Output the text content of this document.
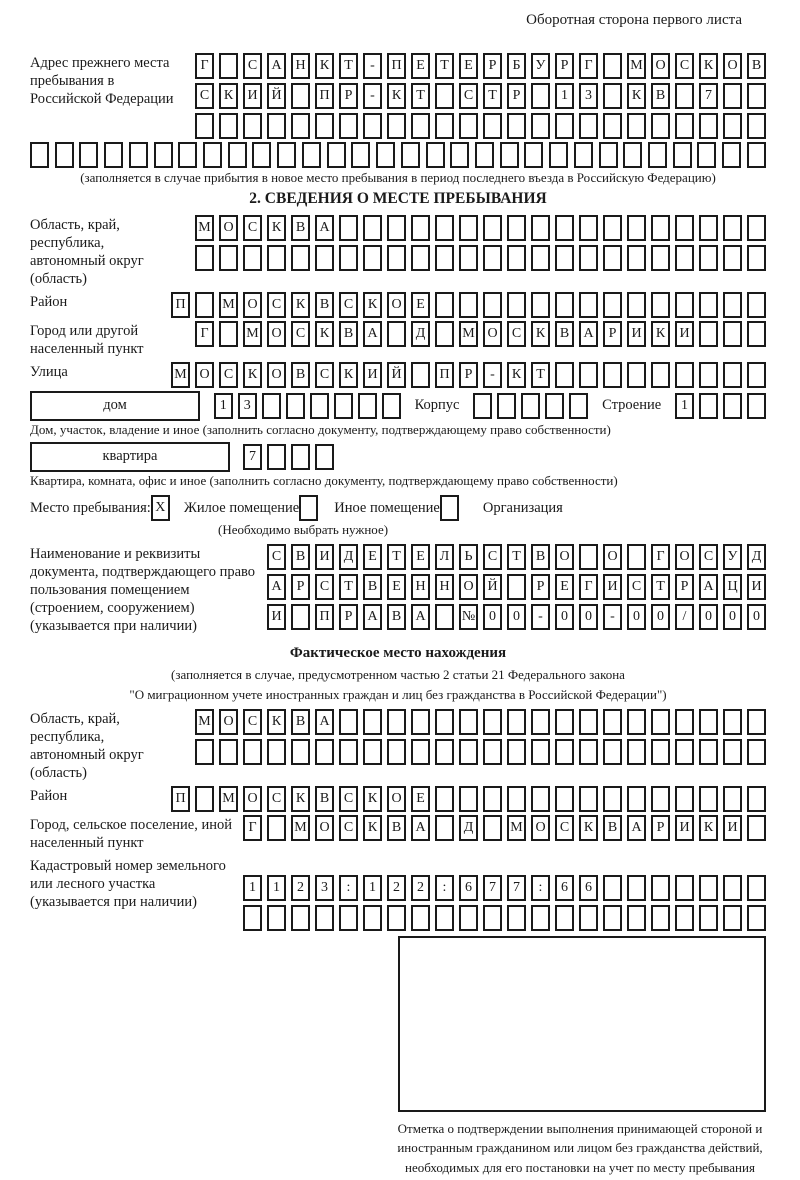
Оборотная сторона первого листа
Адрес прежнего места пребывания в Российской Федерации
Г	С	А Н	К	Т	-	П	Е	Т	Е	Р	Б	У	Р	Г	М О	С	К	О	В
С	К	И Й	П	Р	-	К	Т	С	Т	Р	1	3	К	В	7
(заполняется в случае прибытия в новое место пребывания в период последнего въезда в Российскую Федерацию)
2. СВЕДЕНИЯ О МЕСТЕ ПРЕБЫВАНИЯ
Область, край, республика, автономный округ (область)
М О	С	К	В	А
Район	П	М О	С	К	В	С	К	О	Е
Город или другой населенный пункт
Г	М О	С	К	В	А	Д	М О	С	К	В	А	Р	И	К	И
Улица	М О	С	К	О	В	С	К	И Й	П	Р	-	К	Т
дом	1	3	Корпус	Строение	1
Дом, участок, владение и иное (заполнить согласно документу, подтверждающему право собственности)
квартира	7
Квартира, комната, офис и иное (заполнить согласно документу, подтверждающему право собственности)
Место пребывания: X	Жилое помещение Иное помещение	Организация
(Необходимо выбрать нужное)
Наименование и реквизиты документа, подтверждающего право пользования помещением (строением, сооружением) (указывается при наличии)
С	В	И	Д	Е	Т	Е	Л	Ь	С	Т	В	О	О	Г	О	С	У	Д
А	Р	С	Т	В	Е	Н Н О Й	Р	Е	Г	И	С	Т	Р	А Ц И
И	П	Р	А	В	А	№ 0	0	-	0	0	-	0	0	/	0	0	0
Фактическое место нахождения
(заполняется в случае, предусмотренном частью 2 статьи 21 Федерального закона
"О миграционном учете иностранных граждан и лиц без гражданства в Российской Федерации")
Область, край, республика, автономный округ (область)
М О	С	К	В	А
Район	П	М О	С	К	В	С	К	О	Е
Город, сельское поселение, иной населенный пункт
Г	М О	С	К	В	А	Д	М О	С	К	В	А	Р	И	К	И
Кадастровый номер земельного или лесного участка (указывается при наличии)
1	1	2	3	:	1	2	2	:	6	7	7	:	6	6
Отметка о подтверждении выполнения принимающей стороной и иностранным гражданином или лицом без гражданства действий, необходимых для его постановки на учет по месту пребывания
